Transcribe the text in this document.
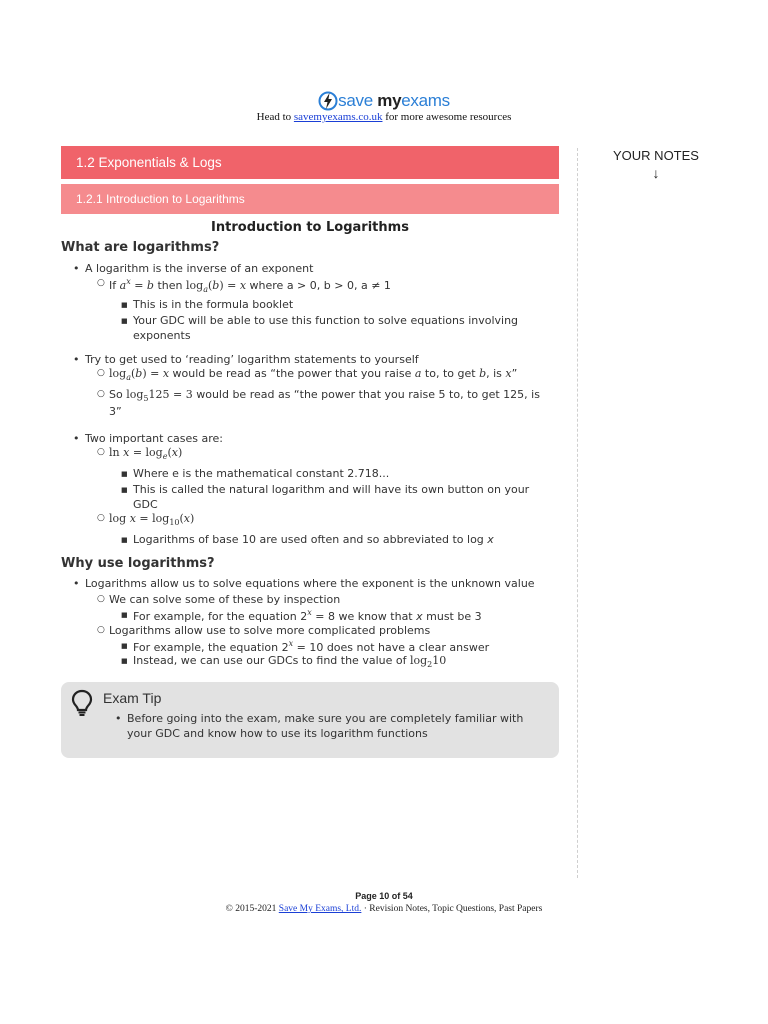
save myexams
Head to savemyexams.co.uk for more awesome resources
YOUR NOTES
↓
1.2 Exponentials & Logs
1.2.1 Introduction to Logarithms
Introduction to Logarithms
What are logarithms?
• A logarithm is the inverse of an exponent
○ If $a^x = b$ then $\log_a(b) = x$ where a > 0, b > 0, a ≠ 1
■ This is in the formula booklet
■ Your GDC will be able to use this function to solve equations involving
exponents
• Try to get used to ‘reading’ logarithm statements to yourself
○ $\log_a(b) = x$ would be read as “the power that you raise a to, to get b, is x”
○ So $\log_5125 = 3$ would be read as “the power that you raise 5 to, to get 125, is
3”
• Two important cases are:
○ $\ln x = \log_e(x)$
■ Where e is the mathematical constant 2.718...
■ This is called the natural logarithm and will have its own button on your
GDC
○ $\log x = \log_{10}(x)$
■ Logarithms of base 10 are used often and so abbreviated to log x
Why use logarithms?
• Logarithms allow us to solve equations where the exponent is the unknown value
○ We can solve some of these by inspection
■ For example, for the equation $2^x = 8$ we know that x must be 3
○ Logarithms allow use to solve more complicated problems
■ For example, the equation $2^x = 10$ does not have a clear answer
■ Instead, we can use our GDCs to find the value of $\log_210$
Exam Tip
• Before going into the exam, make sure you are completely familiar with
your GDC and know how to use its logarithm functions
Page 10 of 54
© 2015-2021 Save My Exams, Ltd. · Revision Notes, Topic Questions, Past Papers
